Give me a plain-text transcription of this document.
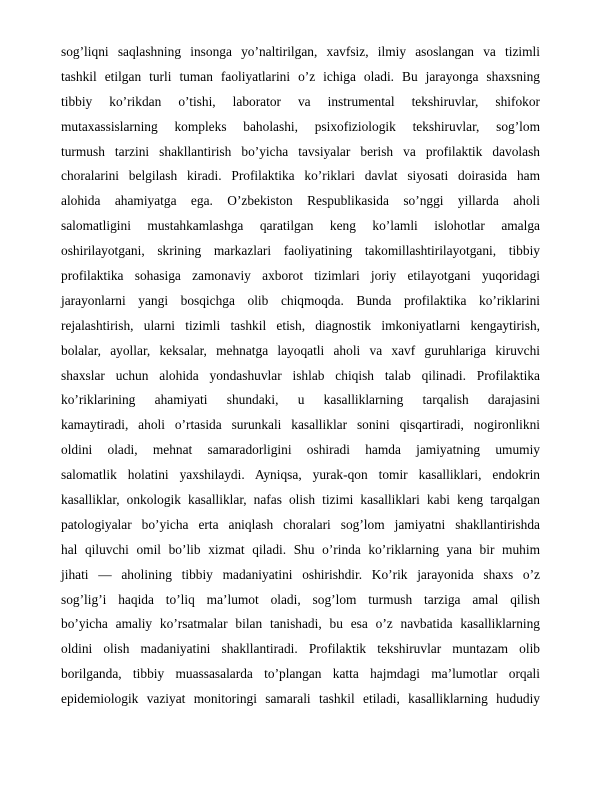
sog’liqni saqlashning insonga yo’naltirilgan, xavfsiz, ilmiy asoslangan va tizimli
tashkil etilgan turli tuman faoliyatlarini o’z ichiga oladi. Bu jarayonga shaxsning
tibbiy ko’rikdan o’tishi, laborator va instrumental tekshiruvlar, shifokor
mutaxassislarning kompleks baholashi, psixofiziologik tekshiruvlar, sog’lom
turmush tarzini shakllantirish bo’yicha tavsiyalar berish va profilaktik davolash
choralarini belgilash kiradi. Profilaktika ko’riklari davlat siyosati doirasida ham
alohida ahamiyatga ega. O’zbekiston Respublikasida so’nggi yillarda aholi
salomatligini mustahkamlashga qaratilgan keng ko’lamli islohotlar amalga
oshirilayotgani, skrining markazlari faoliyatining takomillashtirilayotgani, tibbiy
profilaktika sohasiga zamonaviy axborot tizimlari joriy etilayotgani yuqoridagi
jarayonlarni yangi bosqichga olib chiqmoqda. Bunda profilaktika ko’riklarini
rejalashtirish, ularni tizimli tashkil etish, diagnostik imkoniyatlarni kengaytirish,
bolalar, ayollar, keksalar, mehnatga layoqatli aholi va xavf guruhlariga kiruvchi
shaxslar uchun alohida yondashuvlar ishlab chiqish talab qilinadi. Profilaktika
ko’riklarining ahamiyati shundaki, u kasalliklarning tarqalish darajasini
kamaytiradi, aholi o’rtasida surunkali kasalliklar sonini qisqartiradi, nogironlikni
oldini oladi, mehnat samaradorligini oshiradi hamda jamiyatning umumiy
salomatlik holatini yaxshilaydi. Ayniqsa, yurak-qon tomir kasalliklari, endokrin
kasalliklar, onkologik kasalliklar, nafas olish tizimi kasalliklari kabi keng tarqalgan
patologiyalar bo’yicha erta aniqlash choralari sog’lom jamiyatni shakllantirishda
hal qiluvchi omil bo’lib xizmat qiladi. Shu o’rinda ko’riklarning yana bir muhim
jihati — aholining tibbiy madaniyatini oshirishdir. Ko’rik jarayonida shaxs o’z
sog’lig’i haqida to’liq ma’lumot oladi, sog’lom turmush tarziga amal qilish
bo’yicha amaliy ko’rsatmalar bilan tanishadi, bu esa o’z navbatida kasalliklarning
oldini olish madaniyatini shakllantiradi. Profilaktik tekshiruvlar muntazam olib
borilganda, tibbiy muassasalarda to’plangan katta hajmdagi ma’lumotlar orqali
epidemiologik vaziyat monitoringi samarali tashkil etiladi, kasalliklarning hududiy
